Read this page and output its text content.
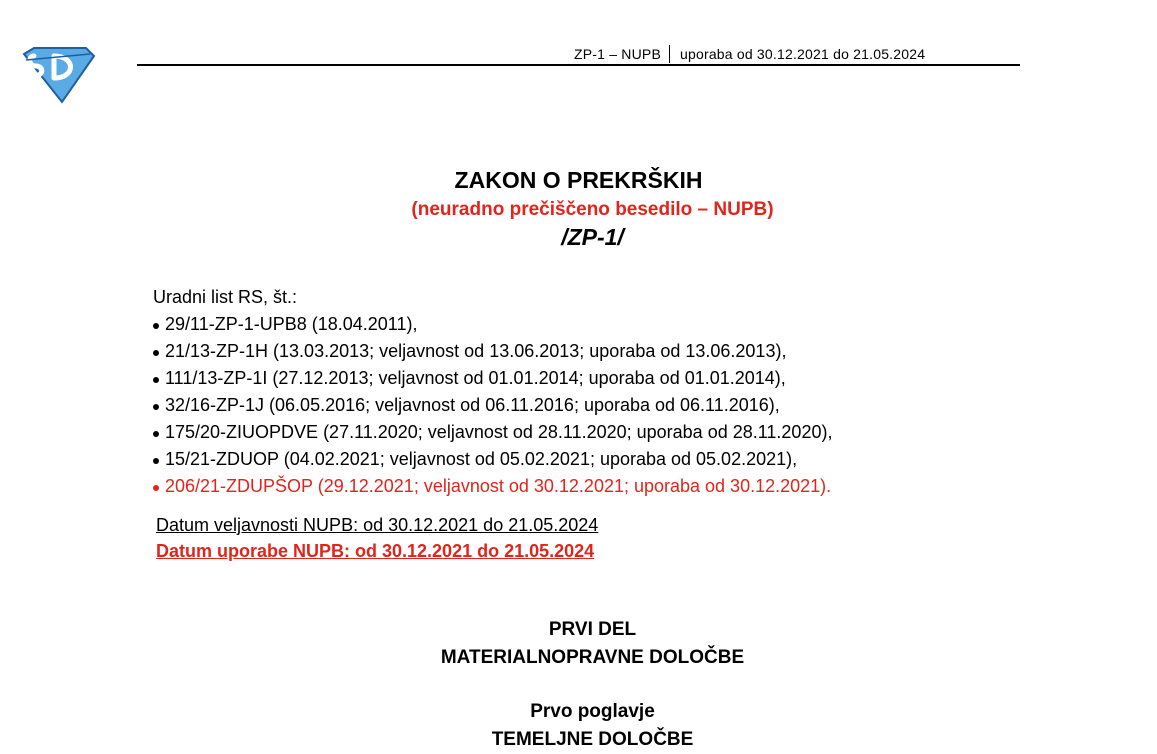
ZP-1 – NUPB uporaba od 30.12.2021 do 21.05.2024
ZAKON O PREKRŠKIH
(neuradno prečiščeno besedilo – NUPB)
/ZP-1/
Uradni list RS, št.:
29/11-ZP-1-UPB8 (18.04.2011),
21/13-ZP-1H (13.03.2013; veljavnost od 13.06.2013; uporaba od 13.06.2013),
111/13-ZP-1I (27.12.2013; veljavnost od 01.01.2014; uporaba od 01.01.2014),
32/16-ZP-1J (06.05.2016; veljavnost od 06.11.2016; uporaba od 06.11.2016),
175/20-ZIUOPDVE (27.11.2020; veljavnost od 28.11.2020; uporaba od 28.11.2020),
15/21-ZDUOP (04.02.2021; veljavnost od 05.02.2021; uporaba od 05.02.2021),
206/21-ZDUPŠOP (29.12.2021; veljavnost od 30.12.2021; uporaba od 30.12.2021).
Datum veljavnosti NUPB: od 30.12.2021 do 21.05.2024
Datum uporabe NUPB: od 30.12.2021 do 21.05.2024
PRVI DEL
MATERIALNOPRAVNE DOLOČBE
Prvo poglavje
TEMELJNE DOLOČBE
